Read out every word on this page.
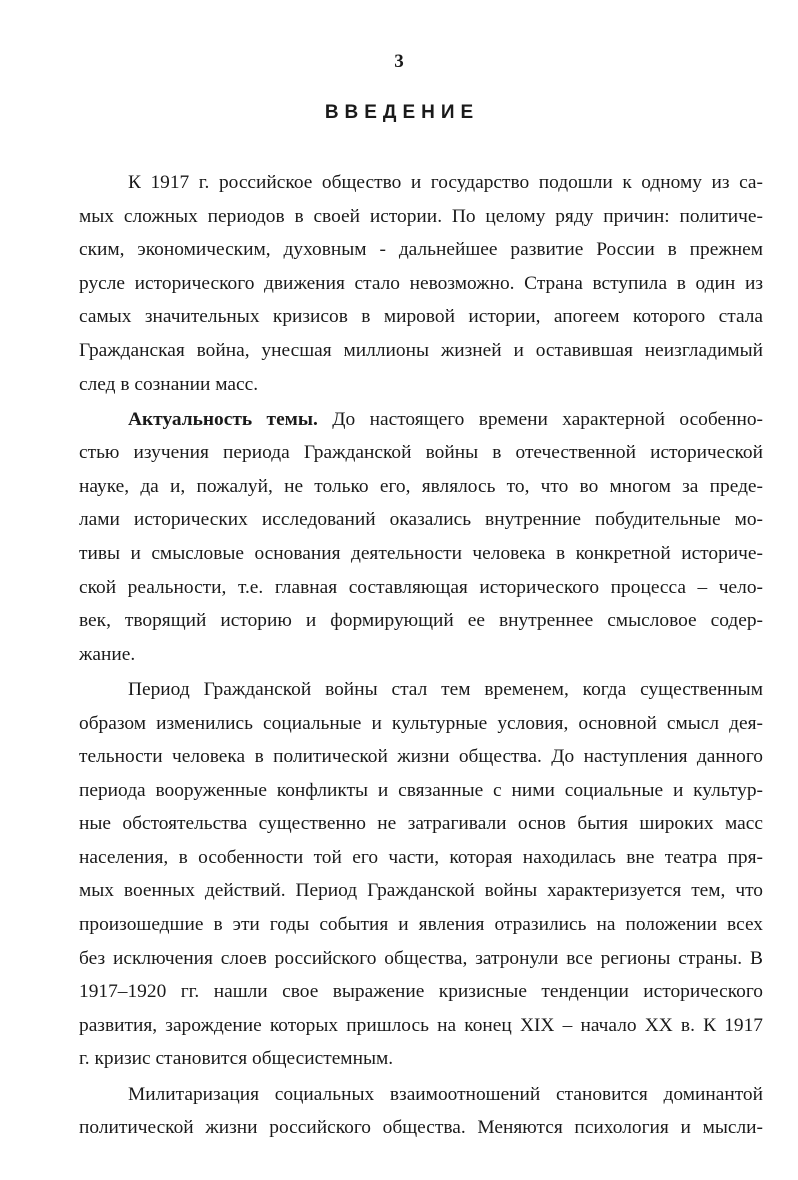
3
ВВЕДЕНИЕ
К 1917 г. российское общество и государство подошли к одному из са-
мых сложных периодов в своей истории. По целому ряду причин: политиче-
ским, экономическим, духовным - дальнейшее развитие России в прежнем
русле исторического движения стало невозможно. Страна вступила в один из
самых значительных кризисов в мировой истории, апогеем которого стала
Гражданская война, унесшая миллионы жизней и оставившая неизгладимый
след в сознании масс.
Актуальность темы. До настоящего времени характерной особенно-
стью изучения периода Гражданской войны в отечественной исторической
науке, да и, пожалуй, не только его, являлось то, что во многом за преде-
лами исторических исследований оказались внутренние побудительные мо-
тивы и смысловые основания деятельности человека в конкретной историче-
ской реальности, т.е. главная составляющая исторического процесса – чело-
век, творящий историю и формирующий ее внутреннее смысловое содер-
жание.
Период Гражданской войны стал тем временем, когда существенным
образом изменились социальные и культурные условия, основной смысл дея-
тельности человека в политической жизни общества. До наступления данного
периода вооруженные конфликты и связанные с ними социальные и культур-
ные обстоятельства существенно не затрагивали основ бытия широких масс
населения, в особенности той его части, которая находилась вне театра пря-
мых военных действий. Период Гражданской войны характеризуется тем, что
произошедшие в эти годы события и явления отразились на положении всех
без исключения слоев российского общества, затронули все регионы страны. В
1917–1920 гг. нашли свое выражение кризисные тенденции исторического
развития, зарождение которых пришлось на конец XIX – начало XX в. К 1917
г. кризис становится общесистемным.
Милитаризация социальных взаимоотношений становится доминантой
политической жизни российского общества. Меняются психология и мысли-
